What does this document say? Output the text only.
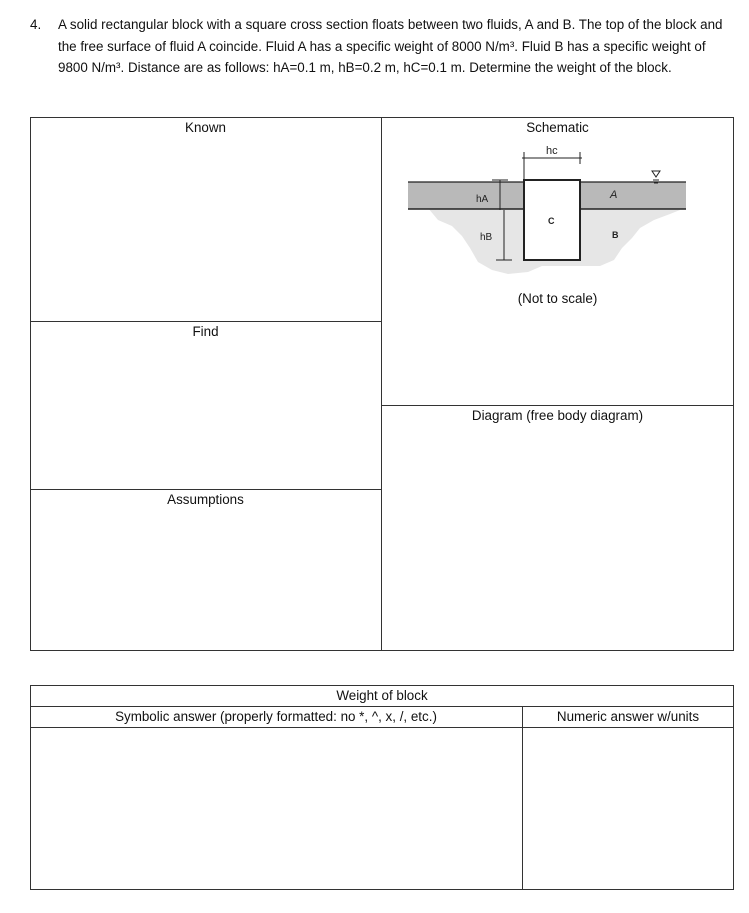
4. A solid rectangular block with a square cross section floats between two fluids, A and B. The top of the block and the free surface of fluid A coincide. Fluid A has a specific weight of 8000 N/m³. Fluid B has a specific weight of 9800 N/m³. Distance are as follows: hA=0.1 m, hB=0.2 m, hC=0.1 m. Determine the weight of the block.
Known
Find
Assumptions
Schematic
Diagram (free body diagram)
(Not to scale)
hc
hA
hB
A
B
C
Weight of block
Symbolic answer (properly formatted: no *, ^, x, /, etc.)	Numeric answer w/units
